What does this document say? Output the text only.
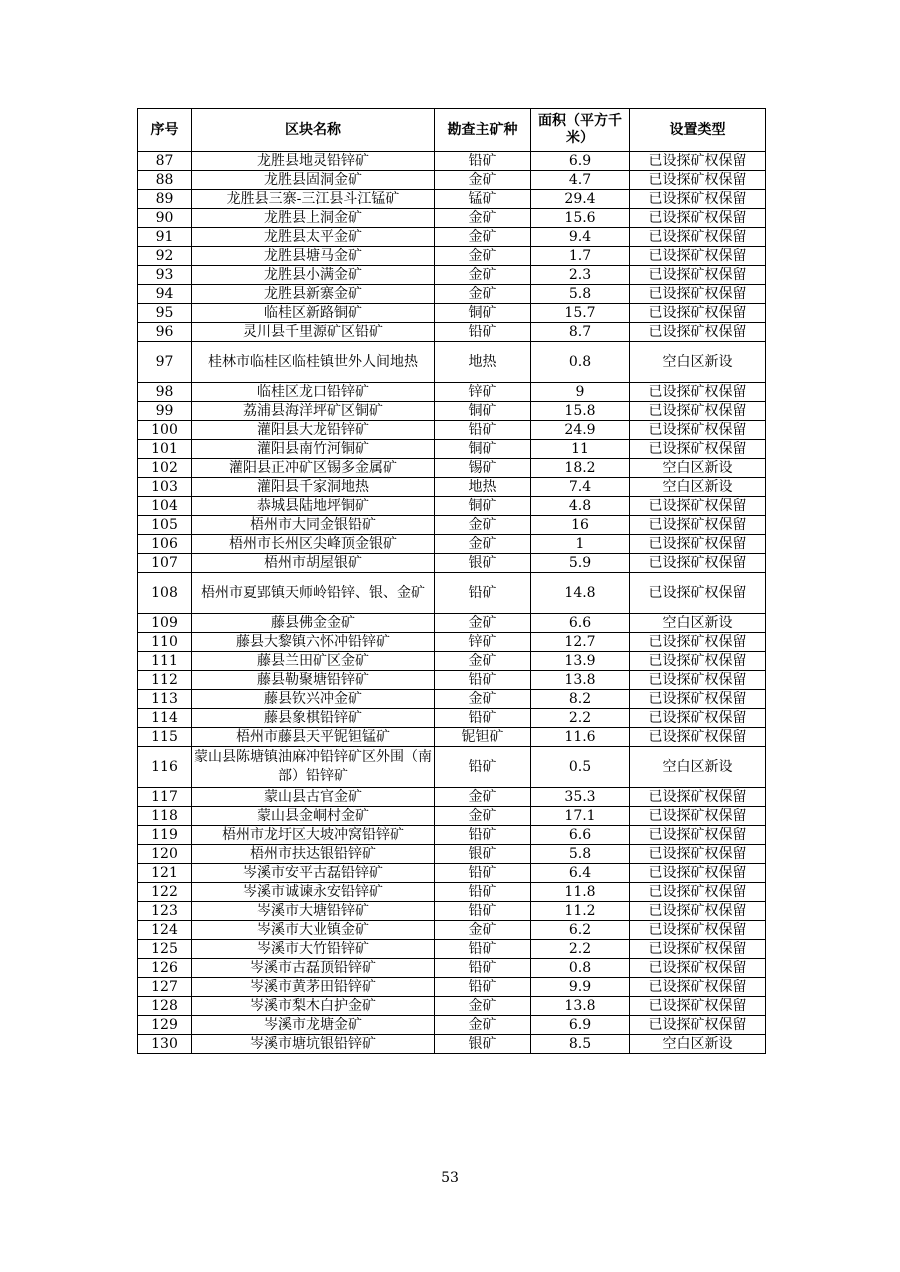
序号	区块名称	勘查主矿种	面积（平方千米）	设置类型
87	龙胜县地灵铅锌矿	铅矿	6.9	已设探矿权保留
88	龙胜县固洞金矿	金矿	4.7	已设探矿权保留
89	龙胜县三寨-三江县斗江锰矿	锰矿	29.4	已设探矿权保留
90	龙胜县上洞金矿	金矿	15.6	已设探矿权保留
91	龙胜县太平金矿	金矿	9.4	已设探矿权保留
92	龙胜县塘马金矿	金矿	1.7	已设探矿权保留
93	龙胜县小满金矿	金矿	2.3	已设探矿权保留
94	龙胜县新寨金矿	金矿	5.8	已设探矿权保留
95	临桂区新路铜矿	铜矿	15.7	已设探矿权保留
96	灵川县千里源矿区铅矿	铅矿	8.7	已设探矿权保留
97	桂林市临桂区临桂镇世外人间地热	地热	0.8	空白区新设
98	临桂区龙口铅锌矿	锌矿	9	已设探矿权保留
99	荔浦县海洋坪矿区铜矿	铜矿	15.8	已设探矿权保留
100	灌阳县大龙铅锌矿	铅矿	24.9	已设探矿权保留
101	灌阳县南竹河铜矿	铜矿	11	已设探矿权保留
102	灌阳县正冲矿区锡多金属矿	锡矿	18.2	空白区新设
103	灌阳县千家洞地热	地热	7.4	空白区新设
104	恭城县陆地坪铜矿	铜矿	4.8	已设探矿权保留
105	梧州市大同金银铅矿	金矿	16	已设探矿权保留
106	梧州市长州区尖峰顶金银矿	金矿	1	已设探矿权保留
107	梧州市胡屋银矿	银矿	5.9	已设探矿权保留
108	梧州市夏郢镇天师岭铅锌、银、金矿	铅矿	14.8	已设探矿权保留
109	藤县佛金金矿	金矿	6.6	空白区新设
110	藤县大黎镇六怀冲铅锌矿	锌矿	12.7	已设探矿权保留
111	藤县兰田矿区金矿	金矿	13.9	已设探矿权保留
112	藤县勒聚塘铅锌矿	铅矿	13.8	已设探矿权保留
113	藤县钦兴冲金矿	金矿	8.2	已设探矿权保留
114	藤县象棋铅锌矿	铅矿	2.2	已设探矿权保留
115	梧州市藤县天平铌钽锰矿	铌钽矿	11.6	已设探矿权保留
116	蒙山县陈塘镇油麻冲铅锌矿区外围（南部）铅锌矿	铅矿	0.5	空白区新设
117	蒙山县古官金矿	金矿	35.3	已设探矿权保留
118	蒙山县金峒村金矿	金矿	17.1	已设探矿权保留
119	梧州市龙圩区大坡冲窝铅锌矿	铅矿	6.6	已设探矿权保留
120	梧州市扶达银铅锌矿	银矿	5.8	已设探矿权保留
121	岑溪市安平古磊铅锌矿	铅矿	6.4	已设探矿权保留
122	岑溪市诚谏永安铅锌矿	铅矿	11.8	已设探矿权保留
123	岑溪市大塘铅锌矿	铅矿	11.2	已设探矿权保留
124	岑溪市大业镇金矿	金矿	6.2	已设探矿权保留
125	岑溪市大竹铅锌矿	铅矿	2.2	已设探矿权保留
126	岑溪市古磊顶铅锌矿	铅矿	0.8	已设探矿权保留
127	岑溪市黄茅田铅锌矿	铅矿	9.9	已设探矿权保留
128	岑溪市梨木白护金矿	金矿	13.8	已设探矿权保留
129	岑溪市龙塘金矿	金矿	6.9	已设探矿权保留
130	岑溪市塘坑银铅锌矿	银矿	8.5	空白区新设
53
